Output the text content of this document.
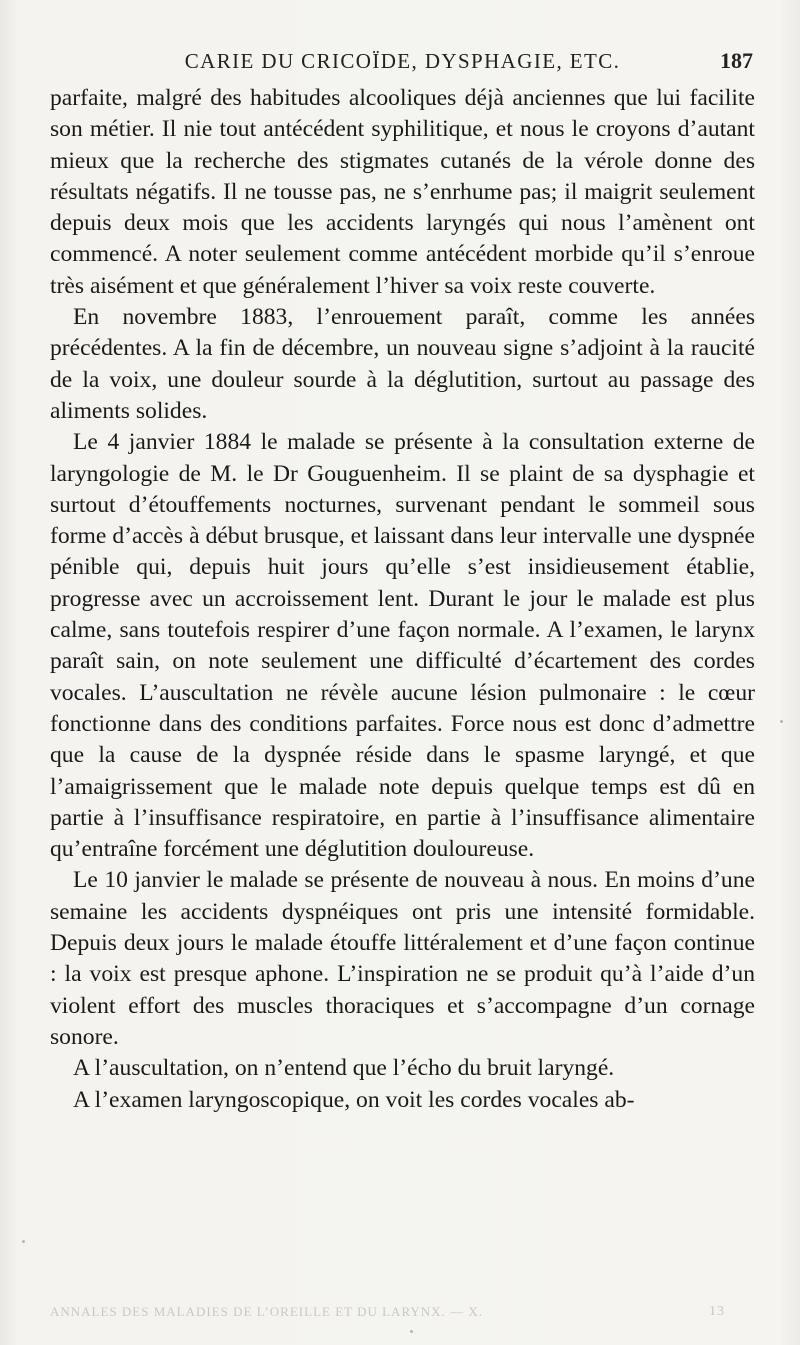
CARIE DU CRICOÏDE, DYSPHAGIE, ETC.	187

parfaite, malgré des habitudes alcooliques déjà anciennes que lui facilite son métier. Il nie tout antécédent syphilitique, et nous le croyons d’autant mieux que la recherche des stigmates cutanés de la vérole donne des résultats négatifs. Il ne tousse pas, ne s’enrhume pas; il maigrit seulement depuis deux mois que les accidents laryngés qui nous l’amènent ont commencé. A noter seulement comme antécédent morbide qu’il s’enroue très aisément et que généralement l’hiver sa voix reste couverte.

En novembre 1883, l’enrouement paraît, comme les années précédentes. A la fin de décembre, un nouveau signe s’adjoint à la raucité de la voix, une douleur sourde à la déglutition, surtout au passage des aliments solides.

Le 4 janvier 1884 le malade se présente à la consultation externe de laryngologie de M. le Dr Gouguenheim. Il se plaint de sa dysphagie et surtout d’étouffements nocturnes, survenant pendant le sommeil sous forme d’accès à début brusque, et laissant dans leur intervalle une dyspnée pénible qui, depuis huit jours qu’elle s’est insidieusement établie, progresse avec un accroissement lent. Durant le jour le malade est plus calme, sans toutefois respirer d’une façon normale. A l’examen, le larynx paraît sain, on note seulement une difficulté d’écartement des cordes vocales. L’auscultation ne révèle aucune lésion pulmonaire : le cœur fonctionne dans des conditions parfaites. Force nous est donc d’admettre que la cause de la dyspnée réside dans le spasme laryngé, et que l’amaigrissement que le malade note depuis quelque temps est dû en partie à l’insuffisance respiratoire, en partie à l’insuffisance alimentaire qu’entraîne forcément une déglutition douloureuse.

Le 10 janvier le malade se présente de nouveau à nous. En moins d’une semaine les accidents dyspnéiques ont pris une intensité formidable. Depuis deux jours le malade étouffe littéralement et d’une façon continue : la voix est presque aphone. L’inspiration ne se produit qu’à l’aide d’un violent effort des muscles thoraciques et s’accompagne d’un cornage sonore.

A l’auscultation, on n’entend que l’écho du bruit laryngé.

A l’examen laryngoscopique, on voit les cordes vocales ab-

ANNALES DES MALADIES DE L’OREILLE ET DU LARYNX. — X.	13
